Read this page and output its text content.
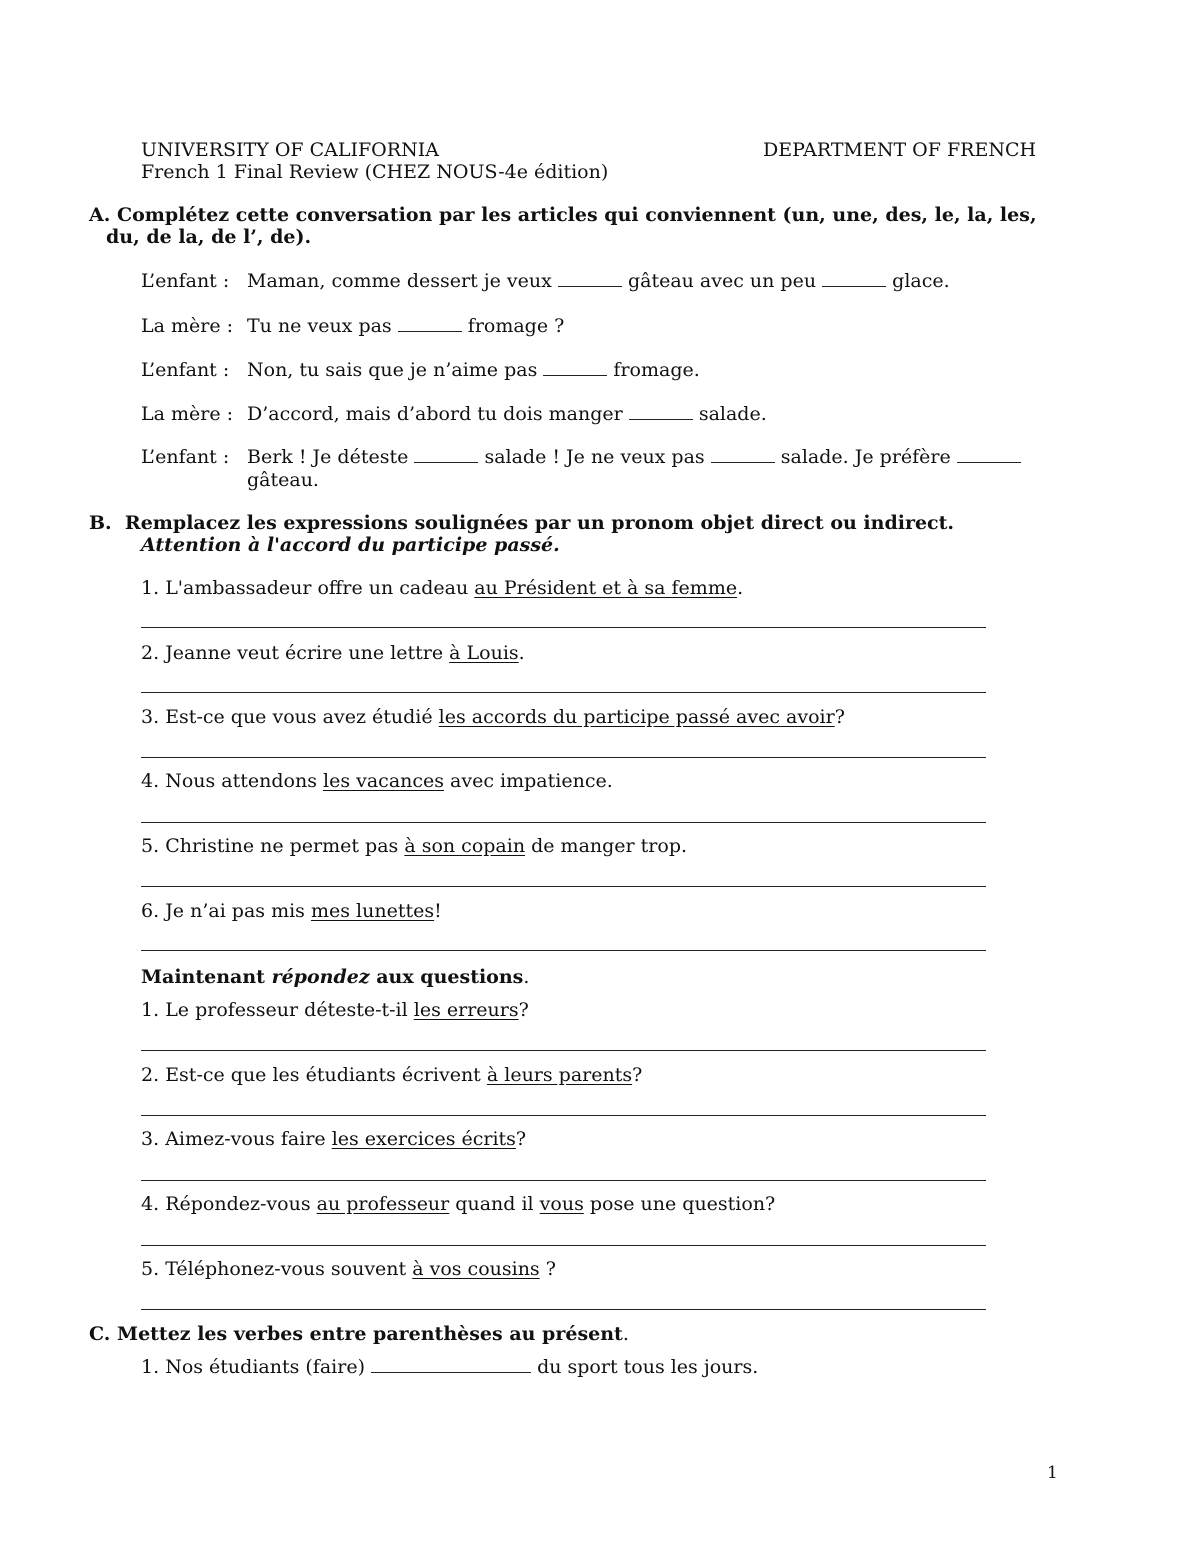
UNIVERSITY OF CALIFORNIA	DEPARTMENT OF FRENCH
French 1 Final Review (CHEZ NOUS-4e édition)
A. Complétez cette conversation par les articles qui conviennent (un, une, des, le, la, les,
du, de la, de l’, de).
L’enfant : Maman, comme dessert je veux	gâteau avec un peu	glace.
La mère : Tu ne veux pas	fromage ?
L’enfant : Non, tu sais que je n’aime pas	fromage.
La mère : D’accord, mais d’abord tu dois manger	salade.
L’enfant : Berk ! Je déteste	salade ! Je ne veux pas	salade. Je préfère
gâteau.
B. Remplacez les expressions soulignées par un pronom objet direct ou indirect.
Attention à l'accord du participe passé.
1. L'ambassadeur offre un cadeau au Président et à sa femme.
2. Jeanne veut écrire une lettre à Louis.
3. Est-ce que vous avez étudié les accords du participe passé avec avoir?
4. Nous attendons les vacances avec impatience.
5. Christine ne permet pas à son copain de manger trop.
6. Je n’ai pas mis mes lunettes!
Maintenant répondez aux questions.
1. Le professeur déteste-t-il les erreurs?
2. Est-ce que les étudiants écrivent à leurs parents?
3. Aimez-vous faire les exercices écrits?
4. Répondez-vous au professeur quand il vous pose une question?
5. Téléphonez-vous souvent à vos cousins ?
C. Mettez les verbes entre parenthèses au présent.
1. Nos étudiants (faire)	du sport tous les jours.
1
